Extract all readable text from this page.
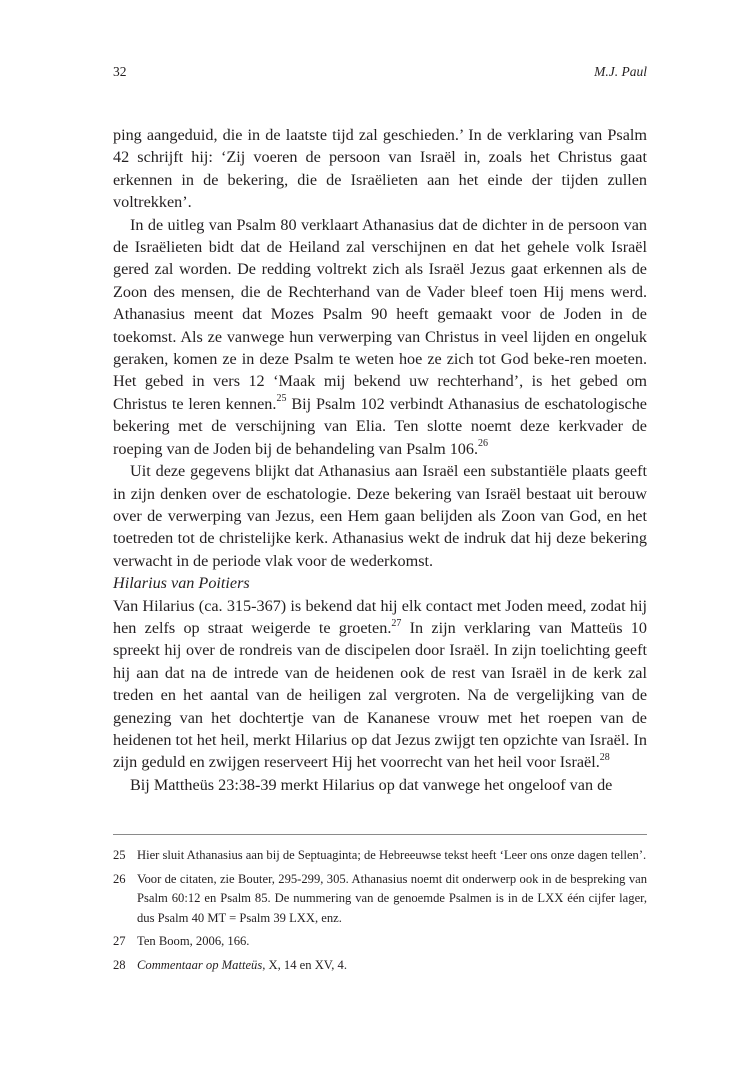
32	M.J. Paul

ping aangeduid, die in de laatste tijd zal geschieden.’ In de verklaring van Psalm 42 schrijft hij: ‘Zij voeren de persoon van Israël in, zoals het Christus gaat erkennen in de bekering, die de Israëlieten aan het einde der tijden zullen voltrekken’.

In de uitleg van Psalm 80 verklaart Athanasius dat de dichter in de persoon van de Israëlieten bidt dat de Heiland zal verschijnen en dat het gehele volk Israël gered zal worden. De redding voltrekt zich als Israël Jezus gaat erkennen als de Zoon des mensen, die de Rechterhand van de Vader bleef toen Hij mens werd. Athanasius meent dat Mozes Psalm 90 heeft gemaakt voor de Joden in de toekomst. Als ze vanwege hun verwerping van Christus in veel lijden en ongeluk geraken, komen ze in deze Psalm te weten hoe ze zich tot God beke-ren moeten. Het gebed in vers 12 ‘Maak mij bekend uw rechterhand’, is het gebed om Christus te leren kennen.$^{25}$ Bij Psalm 102 verbindt Athanasius de eschatologische bekering met de verschijning van Elia. Ten slotte noemt deze kerkvader de roeping van de Joden bij de behandeling van Psalm 106.26

Uit deze gegevens blijkt dat Athanasius aan Israël een substantiële plaats geeft in zijn denken over de eschatologie. Deze bekering van Israël bestaat uit berouw over de verwerping van Jezus, een Hem gaan belijden als Zoon van God, en het toetreden tot de christelijke kerk. Athanasius wekt de indruk dat hij deze bekering verwacht in de periode vlak voor de wederkomst.

Hilarius van Poitiers

Van Hilarius (ca. 315-367) is bekend dat hij elk contact met Joden meed, zodat hij hen zelfs op straat weigerde te groeten.$^{27}$ In zijn verklaring van Matteüs 10 spreekt hij over de rondreis van de discipelen door Israël. In zijn toelichting geeft hij aan dat na de intrede van de heidenen ook de rest van Israël in de kerk zal treden en het aantal van de heiligen zal vergroten. Na de vergelijking van de genezing van het dochtertje van de Kananese vrouw met het roepen van de heidenen tot het heil, merkt Hilarius op dat Jezus zwijgt ten opzichte van Israël. In zijn geduld en zwijgen reserveert Hij het voorrecht van het heil voor Israël.$^{28}$

Bij Mattheüs 23:38-39 merkt Hilarius op dat vanwege het ongeloof van de

25 Hier sluit Athanasius aan bij de Septuaginta; de Hebreeuwse tekst heeft ‘Leer ons onze dagen tellen’.
26 Voor de citaten, zie Bouter, 295-299, 305. Athanasius noemt dit onderwerp ook in de bespreking van Psalm 60:12 en Psalm 85. De nummering van de genoemde Psalmen is in de LXX één cijfer lager, dus Psalm 40 MT = Psalm 39 LXX, enz.
27 Ten Boom, 2006, 166.
28 Commentaar op Matteüs, X, 14 en XV, 4.
